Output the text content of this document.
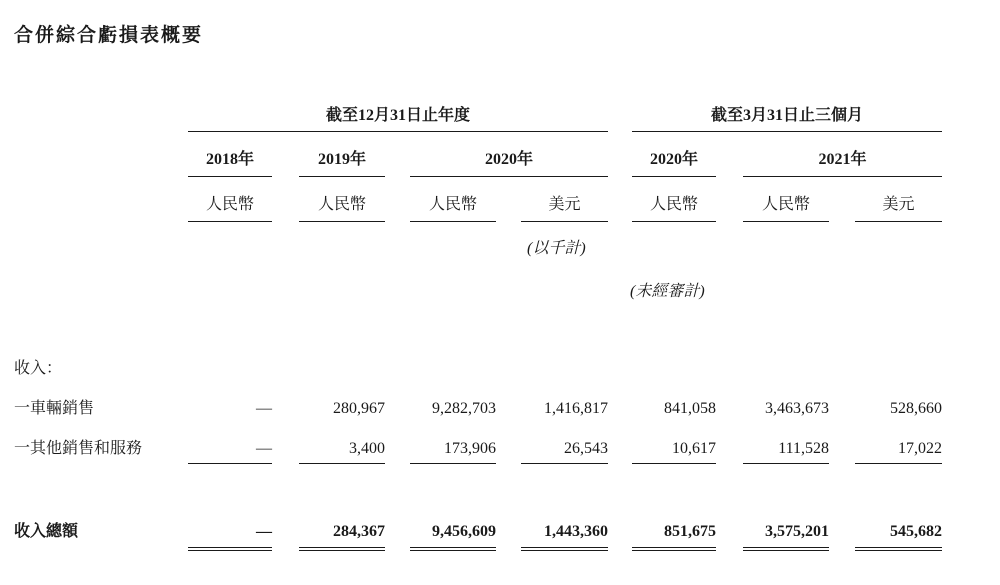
合併綜合虧損表概要
截至12月31日止年度	截至3月31日止三個月
2018年	2019年	2020年	2020年	2021年
人民幣	人民幣	人民幣	美元	人民幣	人民幣	美元
(以千計)
(未經審計)
收入：
一車輛銷售	—	280,967	9,282,703	1,416,817	841,058	3,463,673	528,660
一其他銷售和服務	—	3,400	173,906	26,543	10,617	111,528	17,022
收入總額	—	284,367	9,456,609	1,443,360	851,675	3,575,201	545,682
